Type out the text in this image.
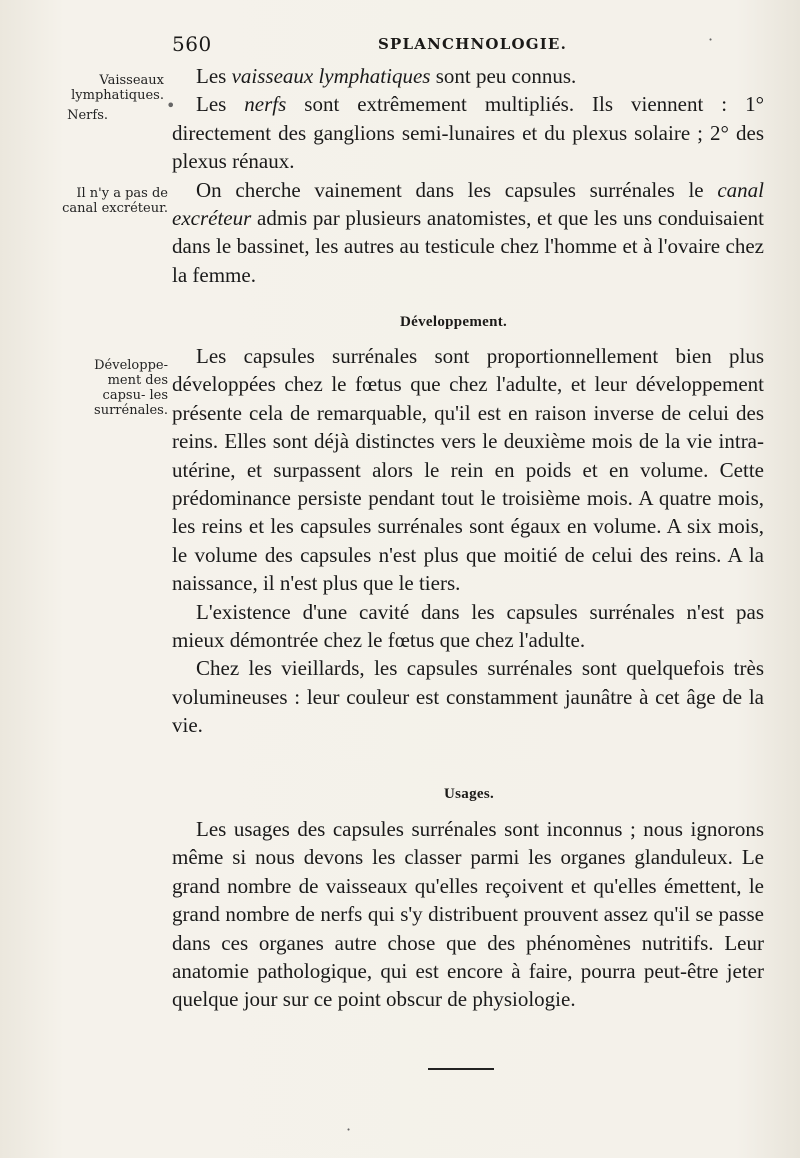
560	SPLANCHNOLOGIE.
Vaisseaux lymphatiques.
Nerfs.
Il n'y a pas de canal excréteur.
Développe- ment des capsu- les surrénales.

Les vaisseaux lymphatiques sont peu connus.

Les nerfs sont extrêmement multipliés. Ils viennent : 1° directement des ganglions semi-lunaires et du plexus solaire ; 2° des plexus rénaux.

On cherche vainement dans les capsules surrénales le canal excréteur admis par plusieurs anatomistes, et que les uns conduisaient dans le bassinet, les autres au testicule chez l'homme et à l'ovaire chez la femme.

Développement.

Les capsules surrénales sont proportionnellement bien plus développées chez le fœtus que chez l'adulte, et leur développement présente cela de remarquable, qu'il est en raison inverse de celui des reins. Elles sont déjà distinctes vers le deuxième mois de la vie intra-utérine, et surpassent alors le rein en poids et en volume. Cette prédominance persiste pendant tout le troisième mois. A quatre mois, les reins et les capsules surrénales sont égaux en volume. A six mois, le volume des capsules n'est plus que moitié de celui des reins. A la naissance, il n'est plus que le tiers.

L'existence d'une cavité dans les capsules surrénales n'est pas mieux démontrée chez le fœtus que chez l'adulte.

Chez les vieillards, les capsules surrénales sont quelquefois très volumineuses : leur couleur est constamment jaunâtre à cet âge de la vie.

Usages.

Les usages des capsules surrénales sont inconnus ; nous ignorons même si nous devons les classer parmi les organes glanduleux. Le grand nombre de vaisseaux qu'elles reçoivent et qu'elles émettent, le grand nombre de nerfs qui s'y distribuent prouvent assez qu'il se passe dans ces organes autre chose que des phénomènes nutritifs. Leur anatomie pathologique, qui est encore à faire, pourra peut-être jeter quelque jour sur ce point obscur de physiologie.

•
·
·
